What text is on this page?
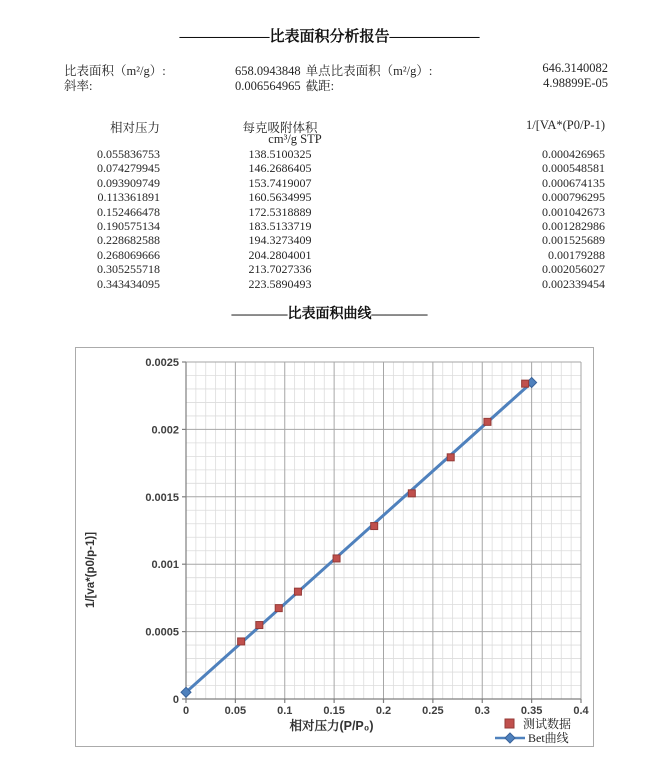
——————比表面积分析报告——————
比表面积（m²/g）:	658.0943848 单点比表面积（m²/g）:	646.3140082
斜率:	0.006564965 截距:	4.98899E-05
相对压力	每克吸附体积	1/[VA*(P0/P-1)
cm³/g STP
0.055836753	138.5100325	0.000426965
0.074279945	146.2686405	0.000548581
0.093909749	153.7419007	0.000674135
0.113361891	160.5634995	0.000796295
0.152466478	172.5318889	0.001042673
0.190575134	183.5133719	0.001282986
0.228682588	194.3273409	0.001525689
0.268069666	204.2804001	0.00179288
0.305255718	213.7027336	0.002056027
0.343434095	223.5890493	0.002339454
————比表面积曲线————
0	0.05	0.1	0.15	0.2	0.25	0.3	0.35	0.4
0
0.0005
0.001
0.0015
0.002
0.0025
相对压力(P/P₀)
1/[va*(p0/p-1)]
测试数据
Bet曲线
